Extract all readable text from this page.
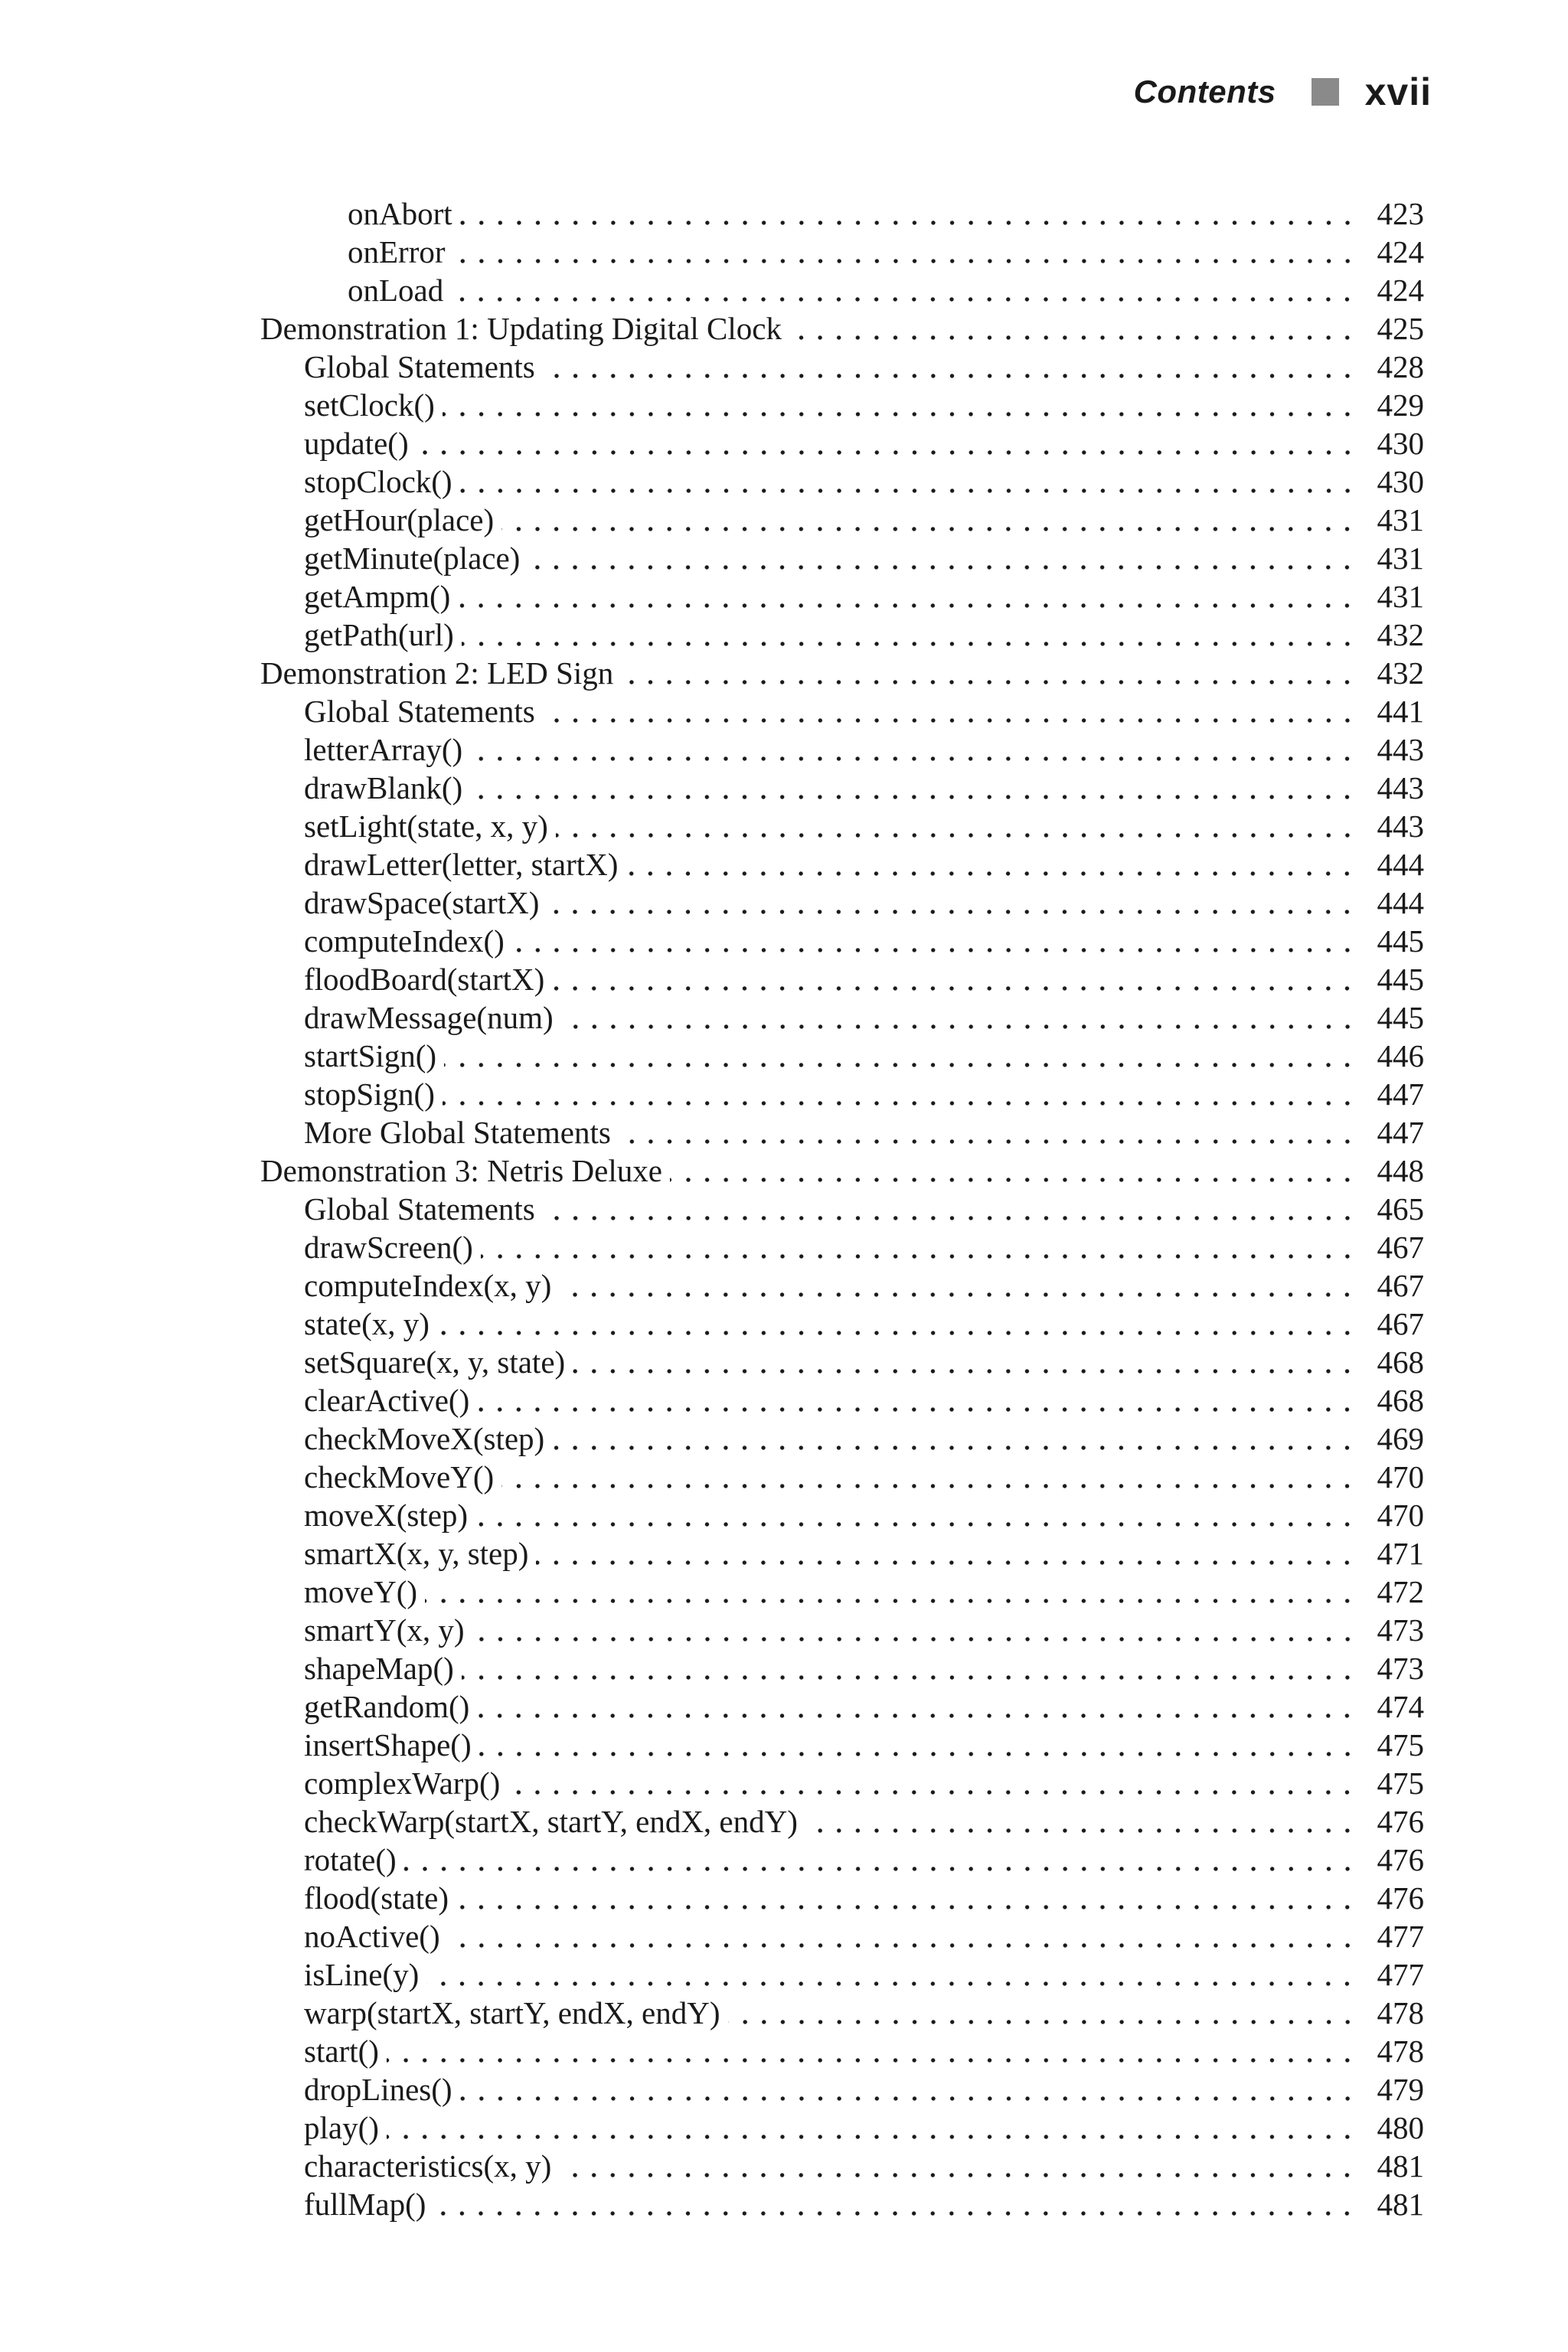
Contents xvii
onAbort	423
onError	424
onLoad	424
Demonstration 1: Updating Digital Clock	425
Global Statements	428
setClock()	429
update()	430
stopClock()	430
getHour(place)	431
getMinute(place)	431
getAmpm()	431
getPath(url)	432
Demonstration 2: LED Sign	432
Global Statements	441
letterArray()	443
drawBlank()	443
setLight(state, x, y)	443
drawLetter(letter, startX)	444
drawSpace(startX)	444
computeIndex()	445
floodBoard(startX)	445
drawMessage(num)	445
startSign()	446
stopSign()	447
More Global Statements	447
Demonstration 3: Netris Deluxe	448
Global Statements	465
drawScreen()	467
computeIndex(x, y)	467
state(x, y)	467
setSquare(x, y, state)	468
clearActive()	468
checkMoveX(step)	469
checkMoveY()	470
moveX(step)	470
smartX(x, y, step)	471
moveY()	472
smartY(x, y)	473
shapeMap()	473
getRandom()	474
insertShape()	475
complexWarp()	475
checkWarp(startX, startY, endX, endY)	476
rotate()	476
flood(state)	476
noActive()	477
isLine(y)	477
warp(startX, startY, endX, endY)	478
start()	478
dropLines()	479
play()	480
characteristics(x, y)	481
fullMap()	481
